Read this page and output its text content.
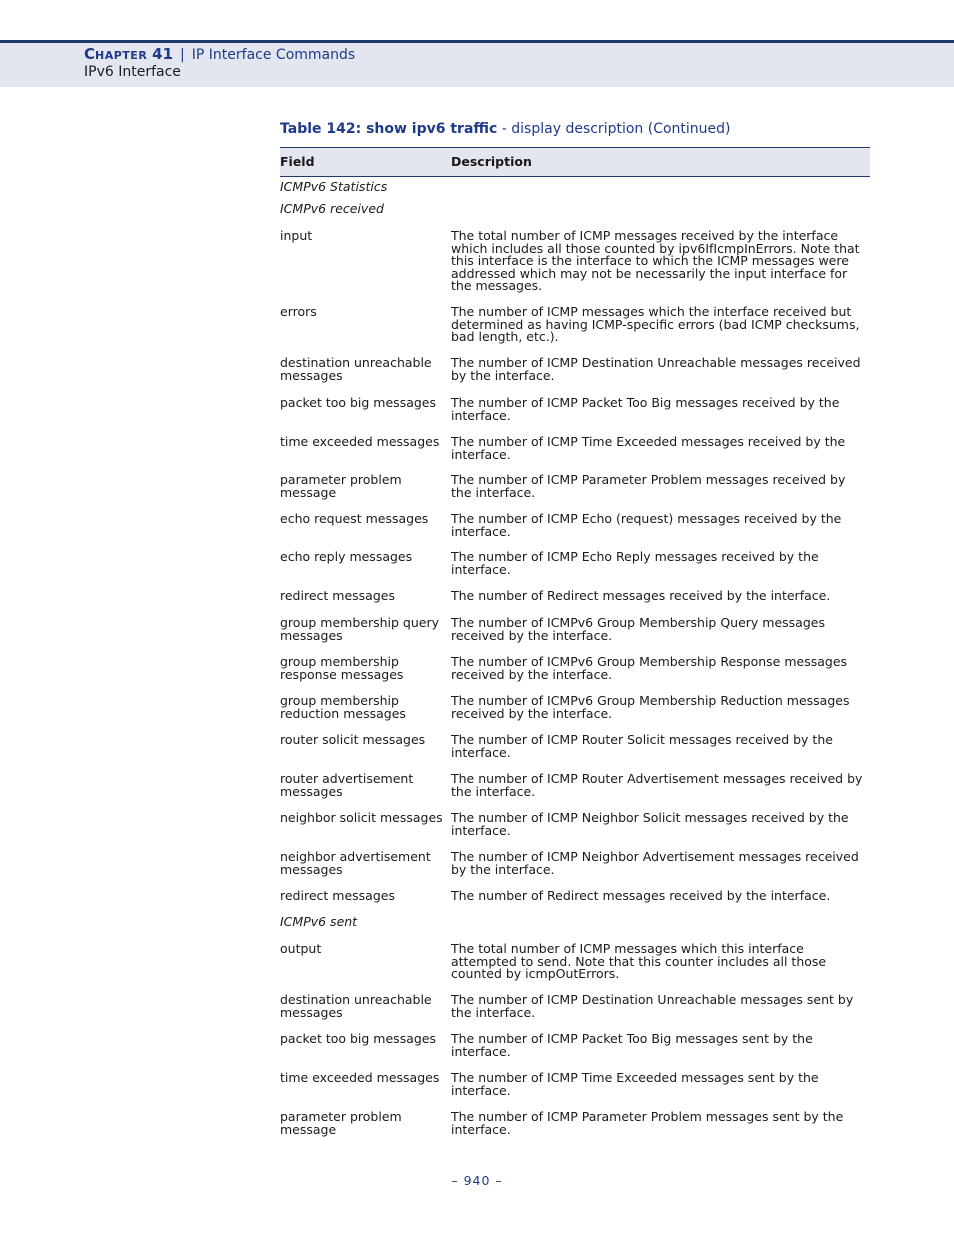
CHAPTER 41 | IP Interface Commands
IPv6 Interface
Table 142: show ipv6 traffic - display description (Continued)
Field	Description
ICMPv6 Statistics	
ICMPv6 received	
input	The total number of ICMP messages received by the interface which includes all those counted by ipv6IfIcmpInErrors. Note that this interface is the interface to which the ICMP messages were addressed which may not be necessarily the input interface for the messages.
errors	The number of ICMP messages which the interface received but determined as having ICMP-specific errors (bad ICMP checksums, bad length, etc.).
destination unreachable messages	The number of ICMP Destination Unreachable messages received by the interface.
packet too big messages	The number of ICMP Packet Too Big messages received by the interface.
time exceeded messages	The number of ICMP Time Exceeded messages received by the interface.
parameter problem message	The number of ICMP Parameter Problem messages received by the interface.
echo request messages	The number of ICMP Echo (request) messages received by the interface.
echo reply messages	The number of ICMP Echo Reply messages received by the interface.
redirect messages	The number of Redirect messages received by the interface.
group membership query messages	The number of ICMPv6 Group Membership Query messages received by the interface.
group membership response messages	The number of ICMPv6 Group Membership Response messages received by the interface.
group membership reduction messages	The number of ICMPv6 Group Membership Reduction messages received by the interface.
router solicit messages	The number of ICMP Router Solicit messages received by the interface.
router advertisement messages	The number of ICMP Router Advertisement messages received by the interface.
neighbor solicit messages	The number of ICMP Neighbor Solicit messages received by the interface.
neighbor advertisement messages	The number of ICMP Neighbor Advertisement messages received by the interface.
redirect messages	The number of Redirect messages received by the interface.
ICMPv6 sent	
output	The total number of ICMP messages which this interface attempted to send. Note that this counter includes all those counted by icmpOutErrors.
destination unreachable messages	The number of ICMP Destination Unreachable messages sent by the interface.
packet too big messages	The number of ICMP Packet Too Big messages sent by the interface.
time exceeded messages	The number of ICMP Time Exceeded messages sent by the interface.
parameter problem message	The number of ICMP Parameter Problem messages sent by the interface.
– 940 –
